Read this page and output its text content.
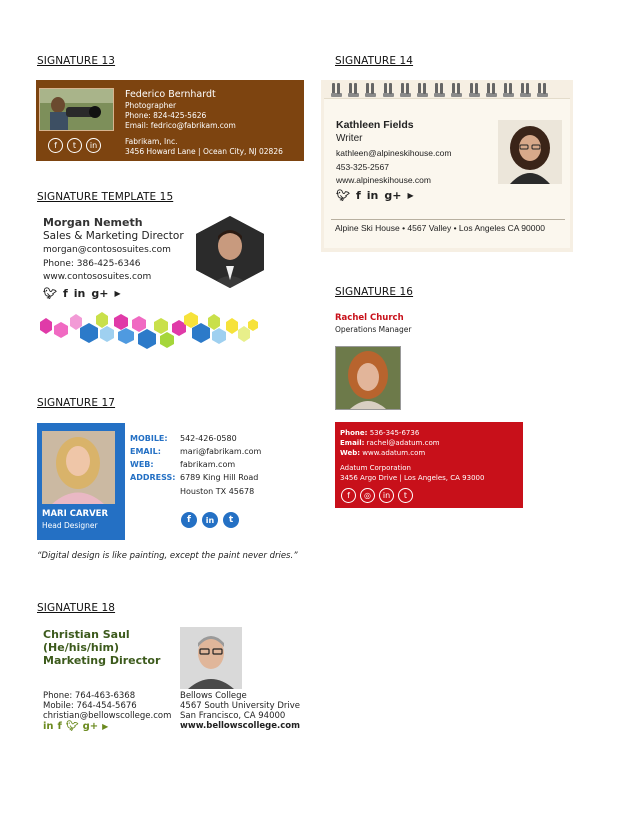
SIGNATURE 13
f	t	in
Federico Bernhardt
Photographer
Phone: 824-425-5626
Email: fedrico@fabrikam.com
Fabrikam, Inc.
3456 Howard Lane | Ocean City, NJ 02826
SIGNATURE 14
Kathleen Fields
Writer
kathleen@alpineskihouse.com
453-325-2567
www.alpineskihouse.com
🐦︎ f in g+ ▶
Alpine Ski House • 4567 Valley • Los Angeles CA 90000
SIGNATURE TEMPLATE 15
Morgan Nemeth
Sales & Marketing Director
morgan@contososuites.com
Phone: 386-425-6346
www.contososuites.com
🐦︎ f in g+ ▶	SIGNATURE 16
Rachel Church
Operations Manager
Phone: 536-345-6736
Email: rachel@adatum.com
Web: www.adatum.com
Adatum Corporation
3456 Argo Drive | Los Angeles, CA 93000
f	◎	in	t
SIGNATURE 17
MARI CARVER
Head Designer
MOBILE: 542-426-0580
EMAIL: mari@fabrikam.com
WEB:	fabrikam.com
ADDRESS: 6789 King Hill Road
Houston TX 45678
f	in	t
“Digital design is like painting, except the paint never dries.”
SIGNATURE 18
Christian Saul
(He/his/him)
Marketing Director
Phone: 764-463-6368
Mobile: 764-454-5676
christian@bellowscollege.com
Bellows College
4567 South University Drive
San Francisco, CA 94000
www.bellowscollege.com
in f 🐦︎ g+ ▶
